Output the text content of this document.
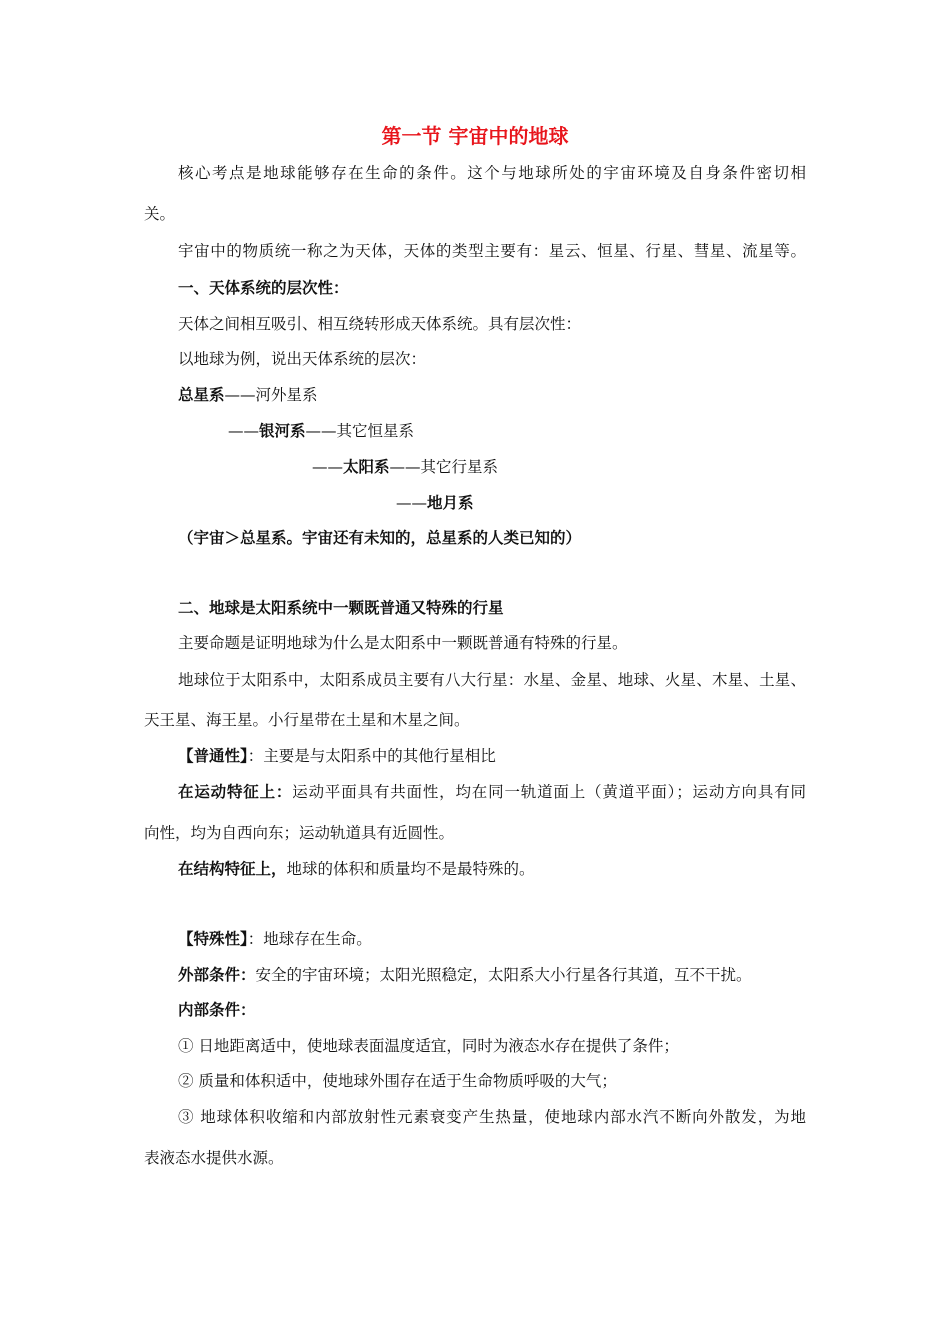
第一节 宇宙中的地球
核心考点是地球能够存在生命的条件。这个与地球所处的宇宙环境及自身条件密切相
关。
宇宙中的物质统一称之为天体，天体的类型主要有：星云、恒星、行星、彗星、流星等。
一、天体系统的层次性：
天体之间相互吸引、相互绕转形成天体系统。具有层次性：
以地球为例，说出天体系统的层次：
总星系——河外星系
——银河系——其它恒星系
——太阳系——其它行星系
——地月系
（宇宙＞总星系。宇宙还有未知的，总星系的人类已知的）
二、地球是太阳系统中一颗既普通又特殊的行星
主要命题是证明地球为什么是太阳系中一颗既普通有特殊的行星。
地球位于太阳系中，太阳系成员主要有八大行星：水星、金星、地球、火星、木星、土星、
天王星、海王星。小行星带在土星和木星之间。
【普通性】：主要是与太阳系中的其他行星相比
在运动特征上：运动平面具有共面性，均在同一轨道面上（黄道平面）；运动方向具有同
向性，均为自西向东；运动轨道具有近圆性。
在结构特征上，地球的体积和质量均不是最特殊的。
【特殊性】：地球存在生命。
外部条件：安全的宇宙环境；太阳光照稳定，太阳系大小行星各行其道，互不干扰。
内部条件：
① 日地距离适中，使地球表面温度适宜，同时为液态水存在提供了条件；
② 质量和体积适中，使地球外围存在适于生命物质呼吸的大气；
③ 地球体积收缩和内部放射性元素衰变产生热量，使地球内部水汽不断向外散发，为地
表液态水提供水源。
